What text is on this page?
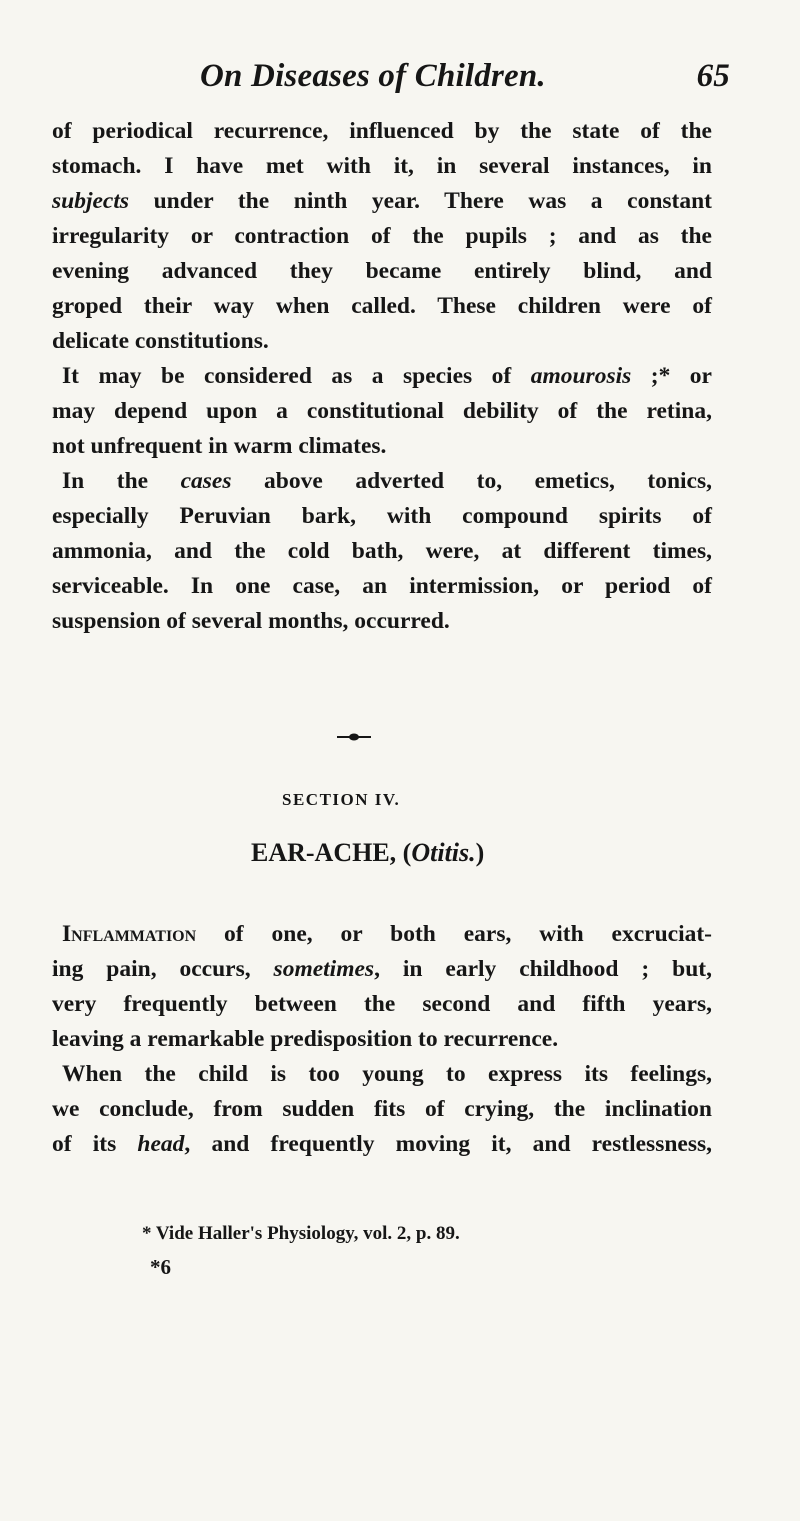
On Diseases of Children.	65
of periodical recurrence, influenced by the state of the
stomach. I have met with it, in several instances, in
subjects under the ninth year. There was a constant
irregularity or contraction of the pupils ; and as the
evening advanced they became entirely blind, and
groped their way when called. These children were of
delicate constitutions.
It may be considered as a species of amourosis ;* or
may depend upon a constitutional debility of the retina,
not unfrequent in warm climates.
In the cases above adverted to, emetics, tonics,
especially Peruvian bark, with compound spirits of
ammonia, and the cold bath, were, at different times,
serviceable. In one case, an intermission, or period of
suspension of several months, occurred.
SECTION IV.
EAR-ACHE, (Otitis.)
Inflammation of one, or both ears, with excruciat-
ing pain, occurs, sometimes, in early childhood ; but,
very frequently between the second and fifth years,
leaving a remarkable predisposition to recurrence.
When the child is too young to express its feelings,
we conclude, from sudden fits of crying, the inclination
of its head, and frequently moving it, and restlessness,
* Vide Haller's Physiology, vol. 2, p. 89.
*6
